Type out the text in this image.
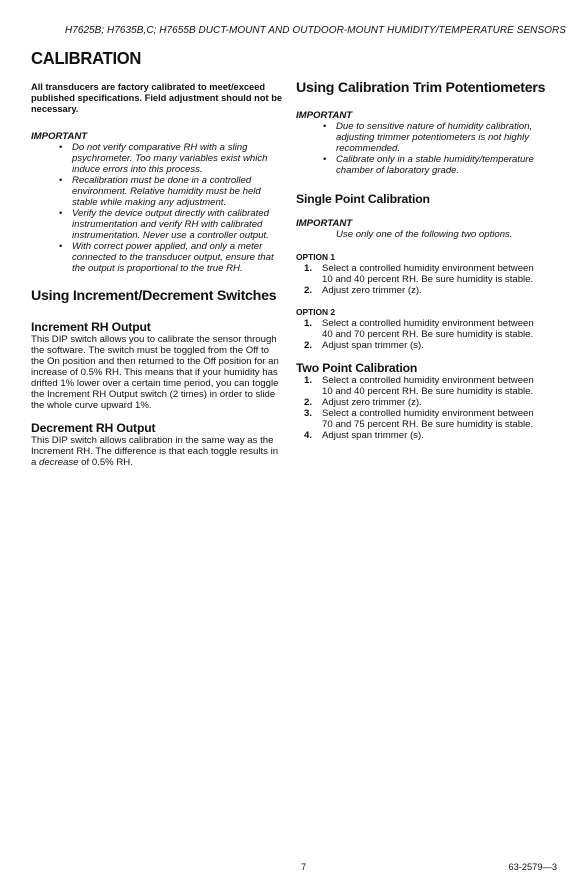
H7625B; H7635B,C; H7655B DUCT-MOUNT AND OUTDOOR-MOUNT HUMIDITY/TEMPERATURE SENSORS
CALIBRATION

All transducers are factory calibrated to meet/exceed published specifications. Field adjustment should not be necessary.

IMPORTANT

• Do not verify comparative RH with a sling psychrometer. Too many variables exist which induce errors into this process.
• Recalibration must be done in a controlled environment. Relative humidity must be held stable while making any adjustment.
• Verify the device output directly with calibrated instrumentation and verify RH with calibrated instrumentation. Never use a controller output.
• With correct power applied, and only a meter connected to the transducer output, ensure that the output is proportional to the true RH.

Using Increment/Decrement Switches

Increment RH Output

This DIP switch allows you to calibrate the sensor through the software. The switch must be toggled from the Off to the On position and then returned to the Off position for an increase of 0.5% RH. This means that if your humidity has drifted 1% lower over a certain time period, you can toggle the Increment RH Output switch (2 times) in order to slide the whole curve upward 1%.

Decrement RH Output

This DIP switch allows calibration in the same way as the Increment RH. The difference is that each toggle results in a decrease of 0.5% RH.

Using Calibration Trim Potentiometers

IMPORTANT

• Due to sensitive nature of humidity calibration, adjusting trimmer potentiometers is not highly recommended.
• Calibrate only in a stable humidity/temperature chamber of laboratory grade.

Single Point Calibration

IMPORTANT

Use only one of the following two options.

OPTION 1

1. Select a controlled humidity environment between 10 and 40 percent RH. Be sure humidity is stable.
2. Adjust zero trimmer (z).

OPTION 2

1. Select a controlled humidity environment between 40 and 70 percent RH. Be sure humidity is stable.
2. Adjust span trimmer (s).

Two Point Calibration

1. Select a controlled humidity environment between 10 and 40 percent RH. Be sure humidity is stable.
2. Adjust zero trimmer (z).
3. Select a controlled humidity environment between 70 and 75 percent RH. Be sure humidity is stable.
4. Adjust span trimmer (s).
7	63-2579—3
